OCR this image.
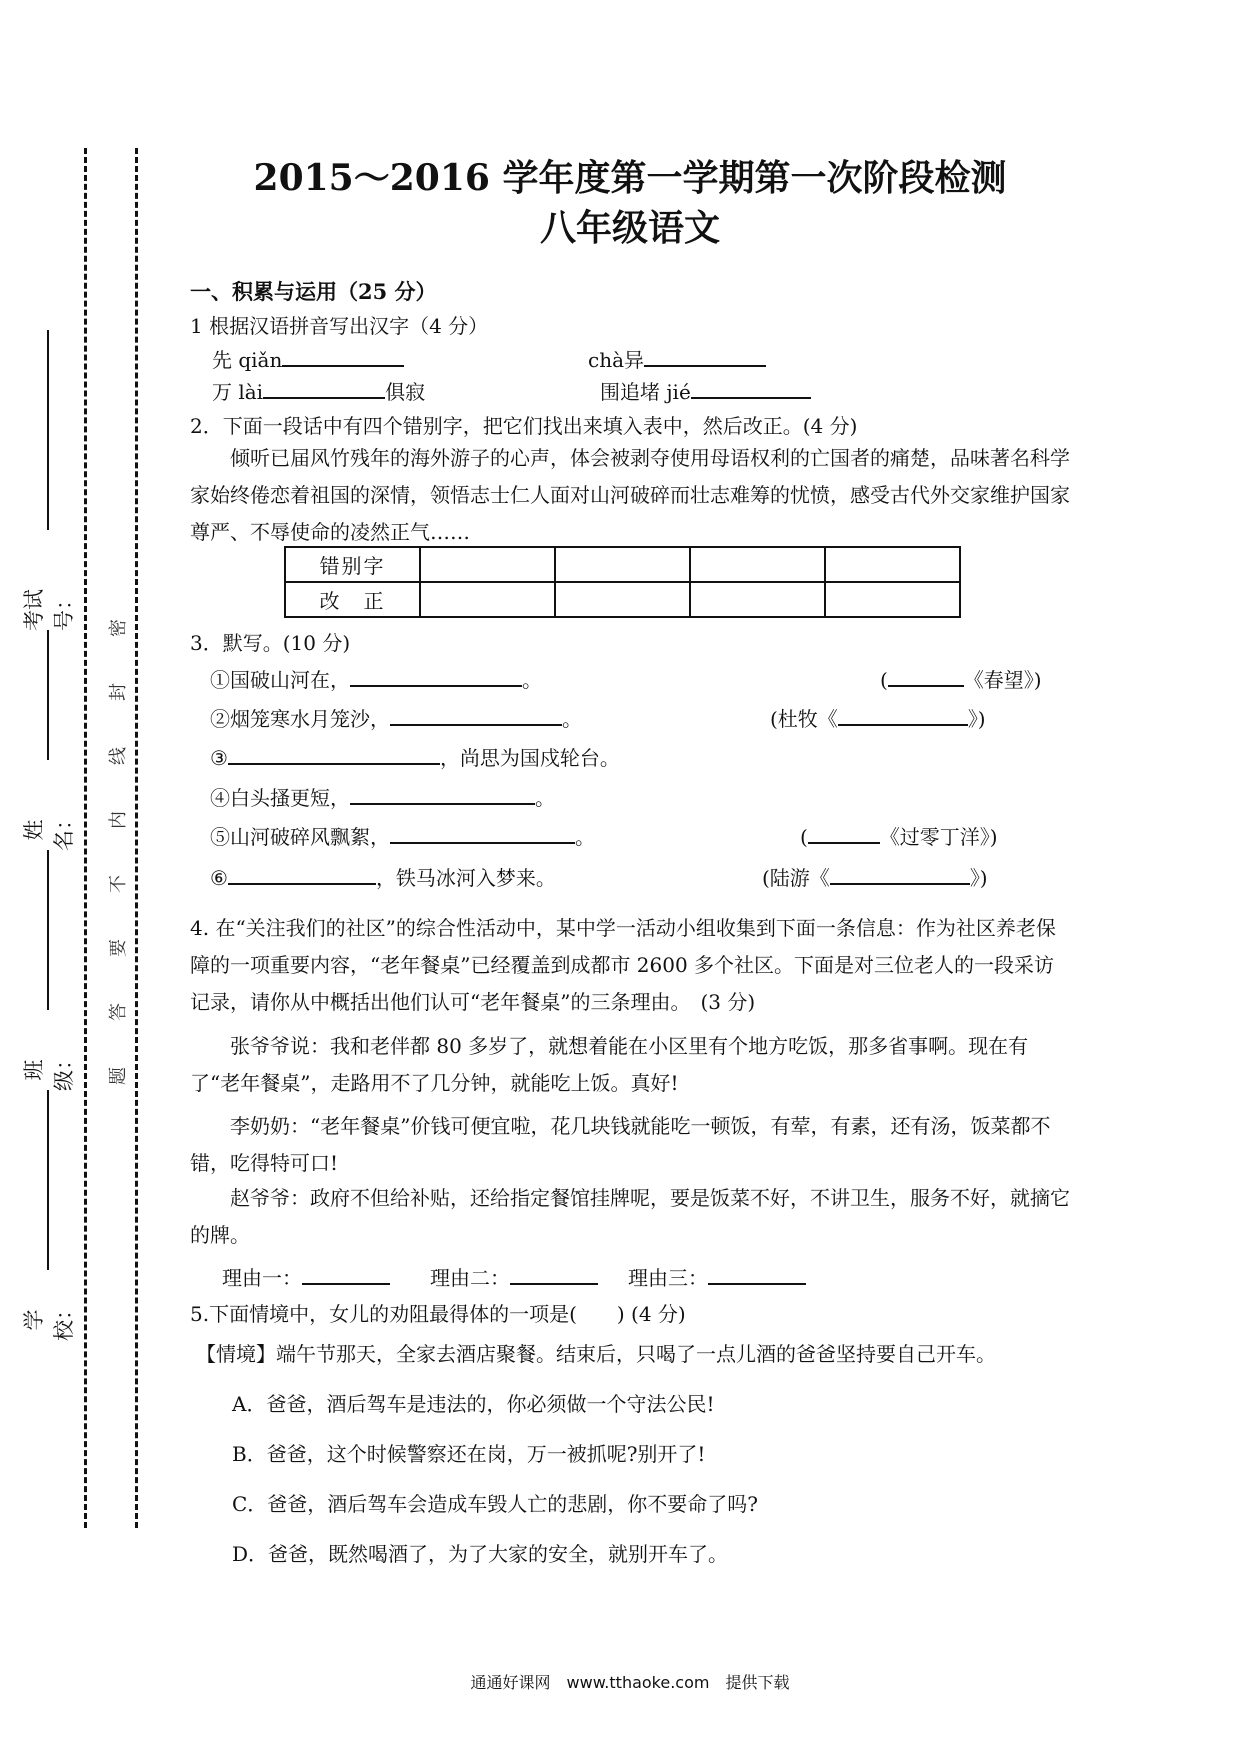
考试号：
姓名：
班级：
学校：
密
封
线
内
不
要
答
题
2015～2016 学年度第一学期第一次阶段检测
八年级语文
一、积累与运用（25 分）
1 根据汉语拼音写出汉字（4 分）
先 qiǎn	chà异
万 lài	俱寂	围追堵 jié
2．下面一段话中有四个错别字，把它们找出来填入表中，然后改正。(4 分)
倾听已届风竹残年的海外游子的心声，体会被剥夺使用母语权利的亡国者的痛楚，品味著名科学家始终倦恋着祖国的深情，领悟志士仁人面对山河破碎而壮志难筹的忧愤，感受古代外交家维护国家尊严、不辱使命的凌然正气……
错别字				
改　正				
3．默写。(10 分)
①国破山河在，	。	(	《春望》)
②烟笼寒水月笼沙，	。	(杜牧《	》)
③	，尚思为国戍轮台。
④白头搔更短，	。
⑤山河破碎风飘絮，	。	(	《过零丁洋》)
⑥	，铁马冰河入梦来。	(陆游《	》)
4. 在“关注我们的社区”的综合性活动中，某中学一活动小组收集到下面一条信息：作为社区养老保障的一项重要内容，“老年餐桌”已经覆盖到成都市 2600 多个社区。下面是对三位老人的一段采访记录，请你从中概括出他们认可“老年餐桌”的三条理由。　(3 分)
张爷爷说：我和老伴都 80 多岁了，就想着能在小区里有个地方吃饭，那多省事啊。现在有了“老年餐桌”，走路用不了几分钟，就能吃上饭。真好!
李奶奶：“老年餐桌”价钱可便宜啦，花几块钱就能吃一顿饭，有荤，有素，还有汤，饭菜都不错，吃得特可口!
赵爷爷：政府不但给补贴，还给指定餐馆挂牌呢，要是饭菜不好，不讲卫生，服务不好，就摘它的牌。
理由一：	理由二：	理由三：
5.下面情境中，女儿的劝阻最得体的一项是(　　) (4 分)
【情境】端午节那天，全家去酒店聚餐。结束后，只喝了一点儿酒的爸爸坚持要自己开车。
A．爸爸，酒后驾车是违法的，你必须做一个守法公民!
B．爸爸，这个时候警察还在岗，万一被抓呢?别开了!
C．爸爸，酒后驾车会造成车毁人亡的悲剧，你不要命了吗?
D．爸爸，既然喝酒了，为了大家的安全，就别开车了。
通通好课网　www.tthaoke.com　提供下载
